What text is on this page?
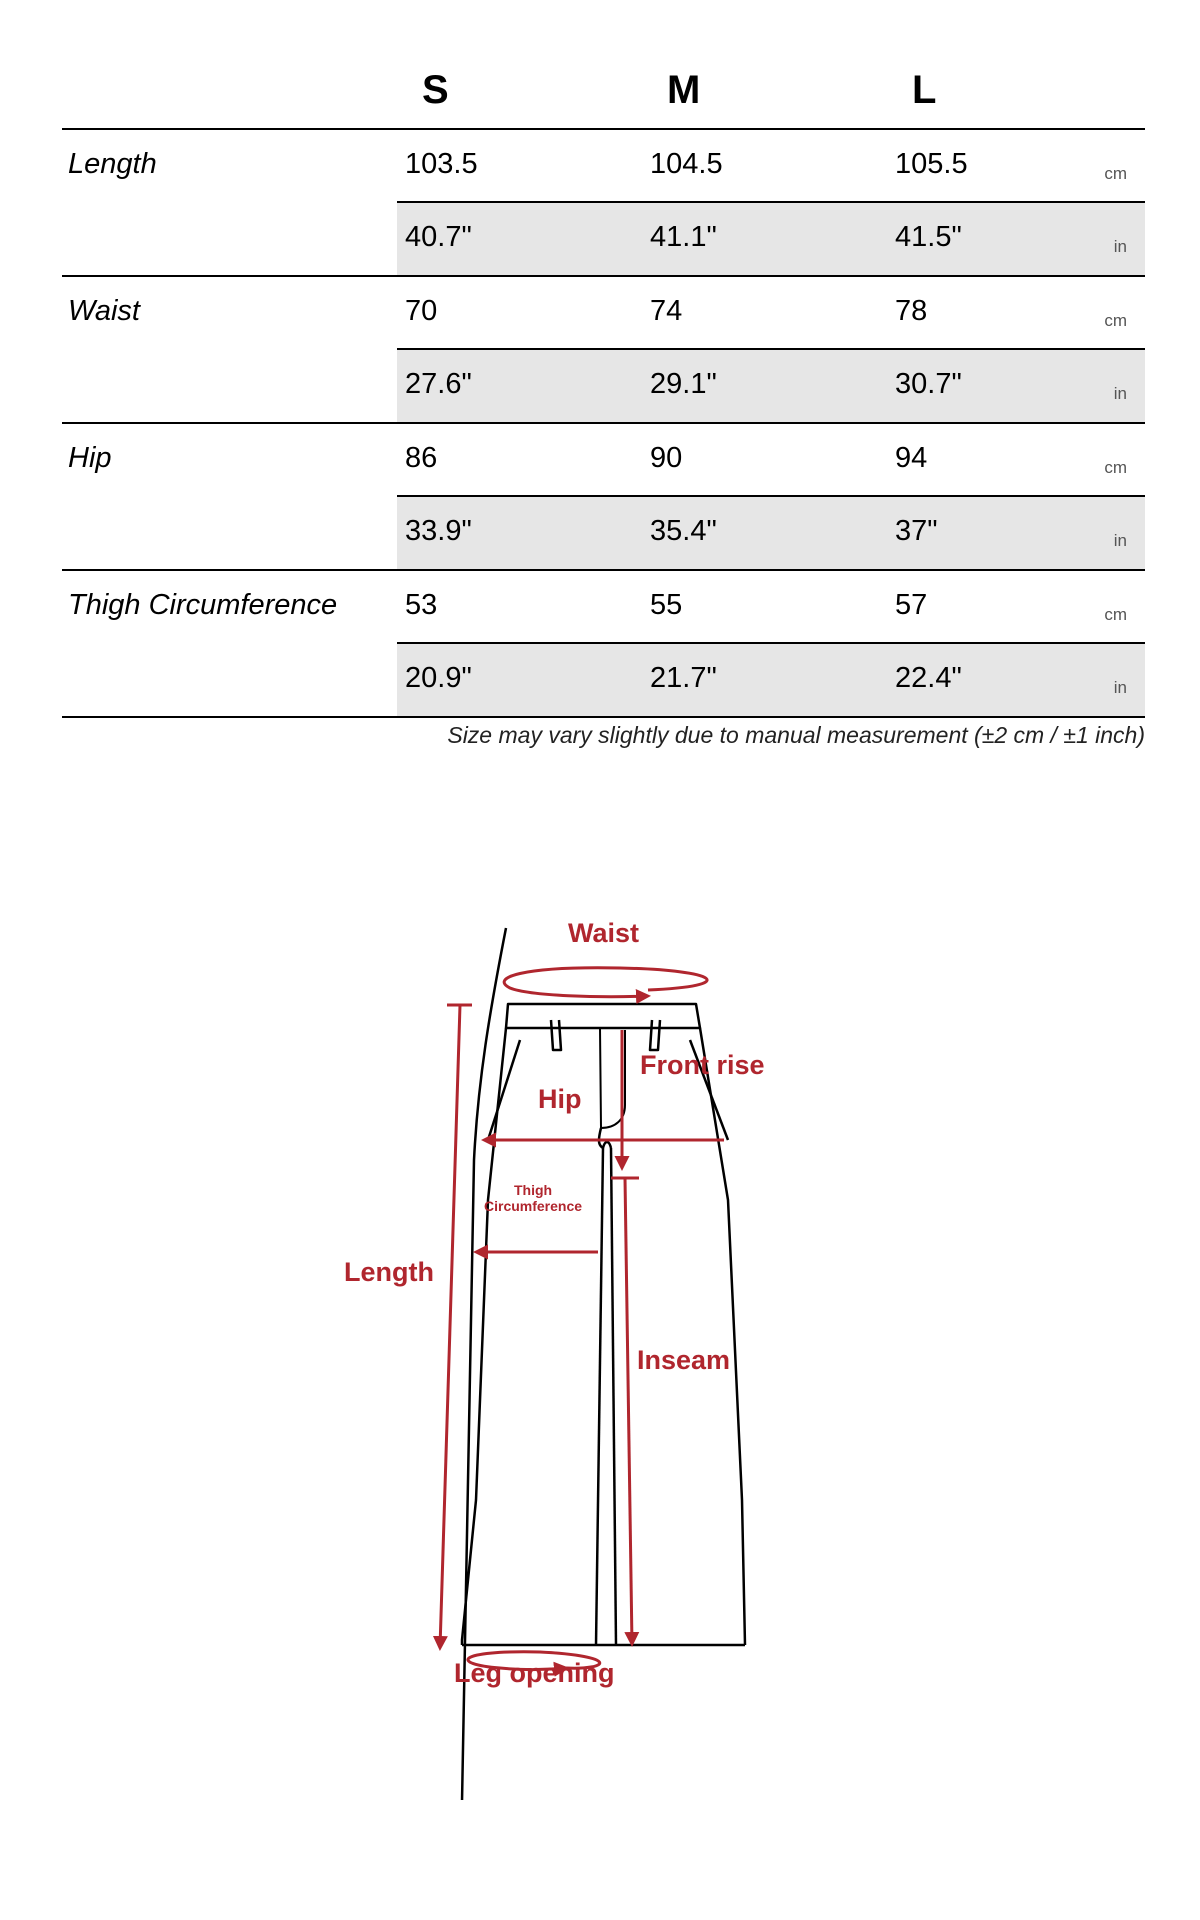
S	M	L
Length	103.5	104.5	105.5	cm
40.7"	41.1"	41.5"	in
Waist	70	74	78	cm
27.6"	29.1"	30.7"	in
Hip	86	90	94	cm
33.9"	35.4"	37"	in
Thigh Circumference 53	55	57	cm
20.9"	21.7"	22.4"	in
Size may vary slightly due to manual measurement (±2 cm / ±1 inch)
Waist
Front rise
Hip
Thigh
Circumference
Length
Inseam
Leg opening
